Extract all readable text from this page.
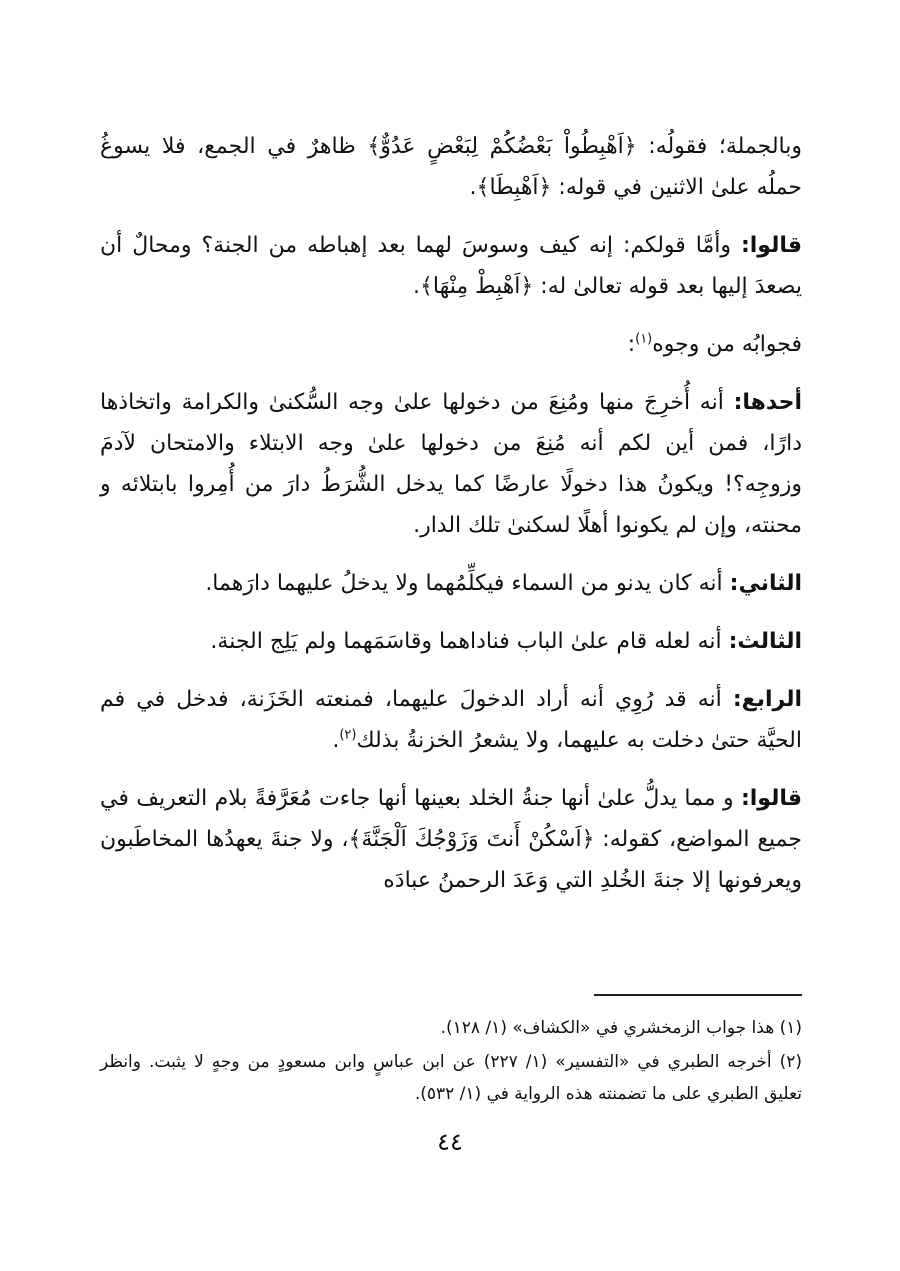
وبالجملة؛ فقولُه: ﴿اَهْبِطُواْ بَعْضُكُمْ لِبَعْضٍ عَدُوٌّ﴾ ظاهرٌ في الجمع، فلا يسوغُ حملُه علىٰ الاثنين في قوله: ﴿اَهْبِطَا﴾.

قالوا: وأمَّا قولكم: إنه كيف وسوسَ لهما بعد إهباطه من الجنة؟ ومحالٌ أن يصعدَ إليها بعد قوله تعالىٰ له: ﴿اَهْبِطْ مِنْهَا﴾.

فجوابُه من وجوه$^{(١)}$:

أحدها: أنه أُخرِجَ منها ومُنِعَ من دخولها علىٰ وجه السُّكنىٰ والكرامة واتخاذها دارًا، فمن أين لكم أنه مُنِعَ من دخولها علىٰ وجه الابتلاء والامتحان لآدمَ وزوجِه؟! ويكونُ هذا دخولًا عارضًا كما يدخل الشُّرَطُ دارَ من أُمِروا بابتلائه و محنته، وإن لم يكونوا أهلًا لسكنىٰ تلك الدار.

الثاني: أنه كان يدنو من السماء فيكلِّمُهما ولا يدخلُ عليهما دارَهما.

الثالث: أنه لعله قام علىٰ الباب فناداهما وقاسَمَهما ولم يَلِج الجنة.

الرابع: أنه قد رُوِي أنه أراد الدخولَ عليهما، فمنعته الخَزَنة، فدخل في فم الحيَّة حتىٰ دخلت به عليهما، ولا يشعرُ الخزنةُ بذلك$^{(٢)}$.

قالوا: و مما يدلُّ علىٰ أنها جنةُ الخلد بعينها أنها جاءت مُعَرَّفةً بلام التعريف في جميع المواضع، كقوله: ﴿اَسْكُنْ أَنتَ وَزَوْجُكَ اَلْجَنَّةَ﴾، ولا جنةَ يعهدُها المخاطَبون ويعرفونها إلا جنةَ الخُلدِ التي وَعَدَ الرحمنُ عبادَه

(١) هذا جواب الزمخشري في «الكشاف» (١/ ١٢٨).

(٢) أخرجه الطبري في «التفسير» (١/ ٢٢٧) عن ابن عباسٍ وابن مسعودٍ من وجهٍ لا يثبت. وانظر تعليق الطبري على ما تضمنته هذه الرواية في (١/ ٥٣٢).

٤٤
